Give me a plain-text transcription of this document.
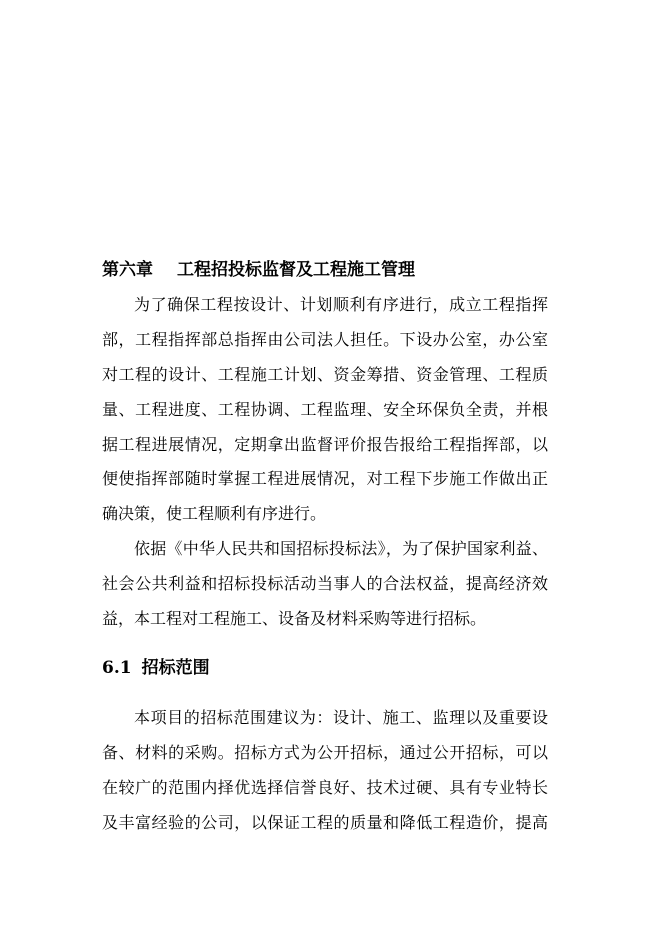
第六章 工程招投标监督及工程施工管理
为了确保工程按设计、计划顺利有序进行，成立工程指挥
部，工程指挥部总指挥由公司法人担任。下设办公室，办公室
对工程的设计、工程施工计划、资金筹措、资金管理、工程质
量、工程进度、工程协调、工程监理、安全环保负全责，并根
据工程进展情况，定期拿出监督评价报告报给工程指挥部，以
便使指挥部随时掌握工程进展情况，对工程下步施工作做出正
确决策，使工程顺利有序进行。
依据《中华人民共和国招标投标法》，为了保护国家利益、
社会公共利益和招标投标活动当事人的合法权益，提高经济效
益，本工程对工程施工、设备及材料采购等进行招标。
6.1 招标范围
本项目的招标范围建议为：设计、施工、监理以及重要设
备、材料的采购。招标方式为公开招标，通过公开招标，可以
在较广的范围内择优选择信誉良好、技术过硬、具有专业特长
及丰富经验的公司，以保证工程的质量和降低工程造价，提高
